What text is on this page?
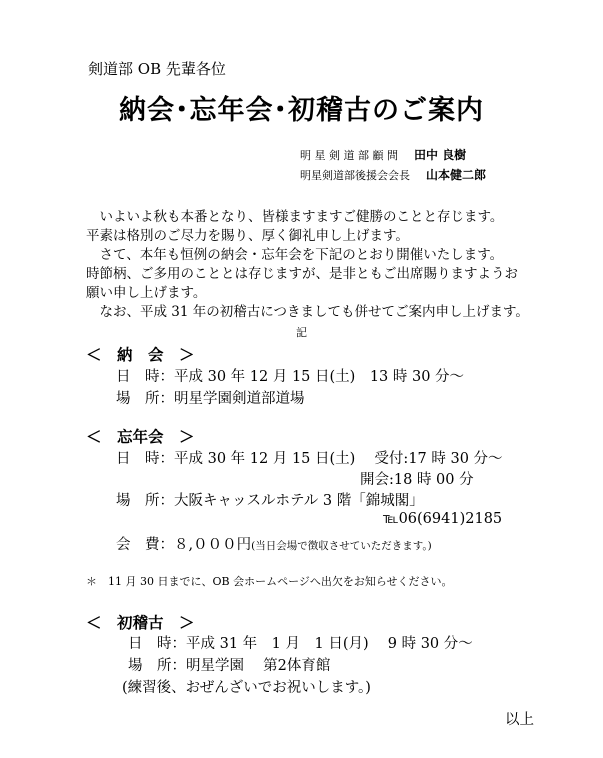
剣道部 OB 先輩各位
納会･忘年会･初稽古のご案内
明 星 剣 道 部 顧 問 田中 良樹
明星剣道部後援会会長 山本健二郎
　いよいよ秋も本番となり、皆様ますますご健勝のことと存じます。
平素は格別のご尽力を賜り、厚く御礼申し上げます。
　さて、本年も恒例の納会・忘年会を下記のとおり開催いたします。
時節柄、ご多用のこととは存じますが、是非ともご出席賜りますようお
願い申し上げます。
　なお、平成 31 年の初稽古につきましても併せてご案内申し上げます。
記
＜　納　会　＞
日　時：平成 30 年 12 月 15 日(土)　13 時 30 分～
場　所：明星学園剣道部道場
＜　忘年会　＞
日　時：平成 30 年 12 月 15 日(土)　 受付:17 時 30 分～
開会:18 時 00 分
場　所：大阪キャッスルホテル 3 階「錦城閣」
℡06(6941)2185
会　費：８,０００円(当日会場で徴収させていただきます。)
＊　11 月 30 日までに、OB 会ホームページへ出欠をお知らせください。
＜　初稽古　＞
日　時：平成 31 年　1 月　1 日(月)　 9 時 30 分～
場　所：明星学園　 第2体育館
(練習後、おぜんざいでお祝いします。)
以上
